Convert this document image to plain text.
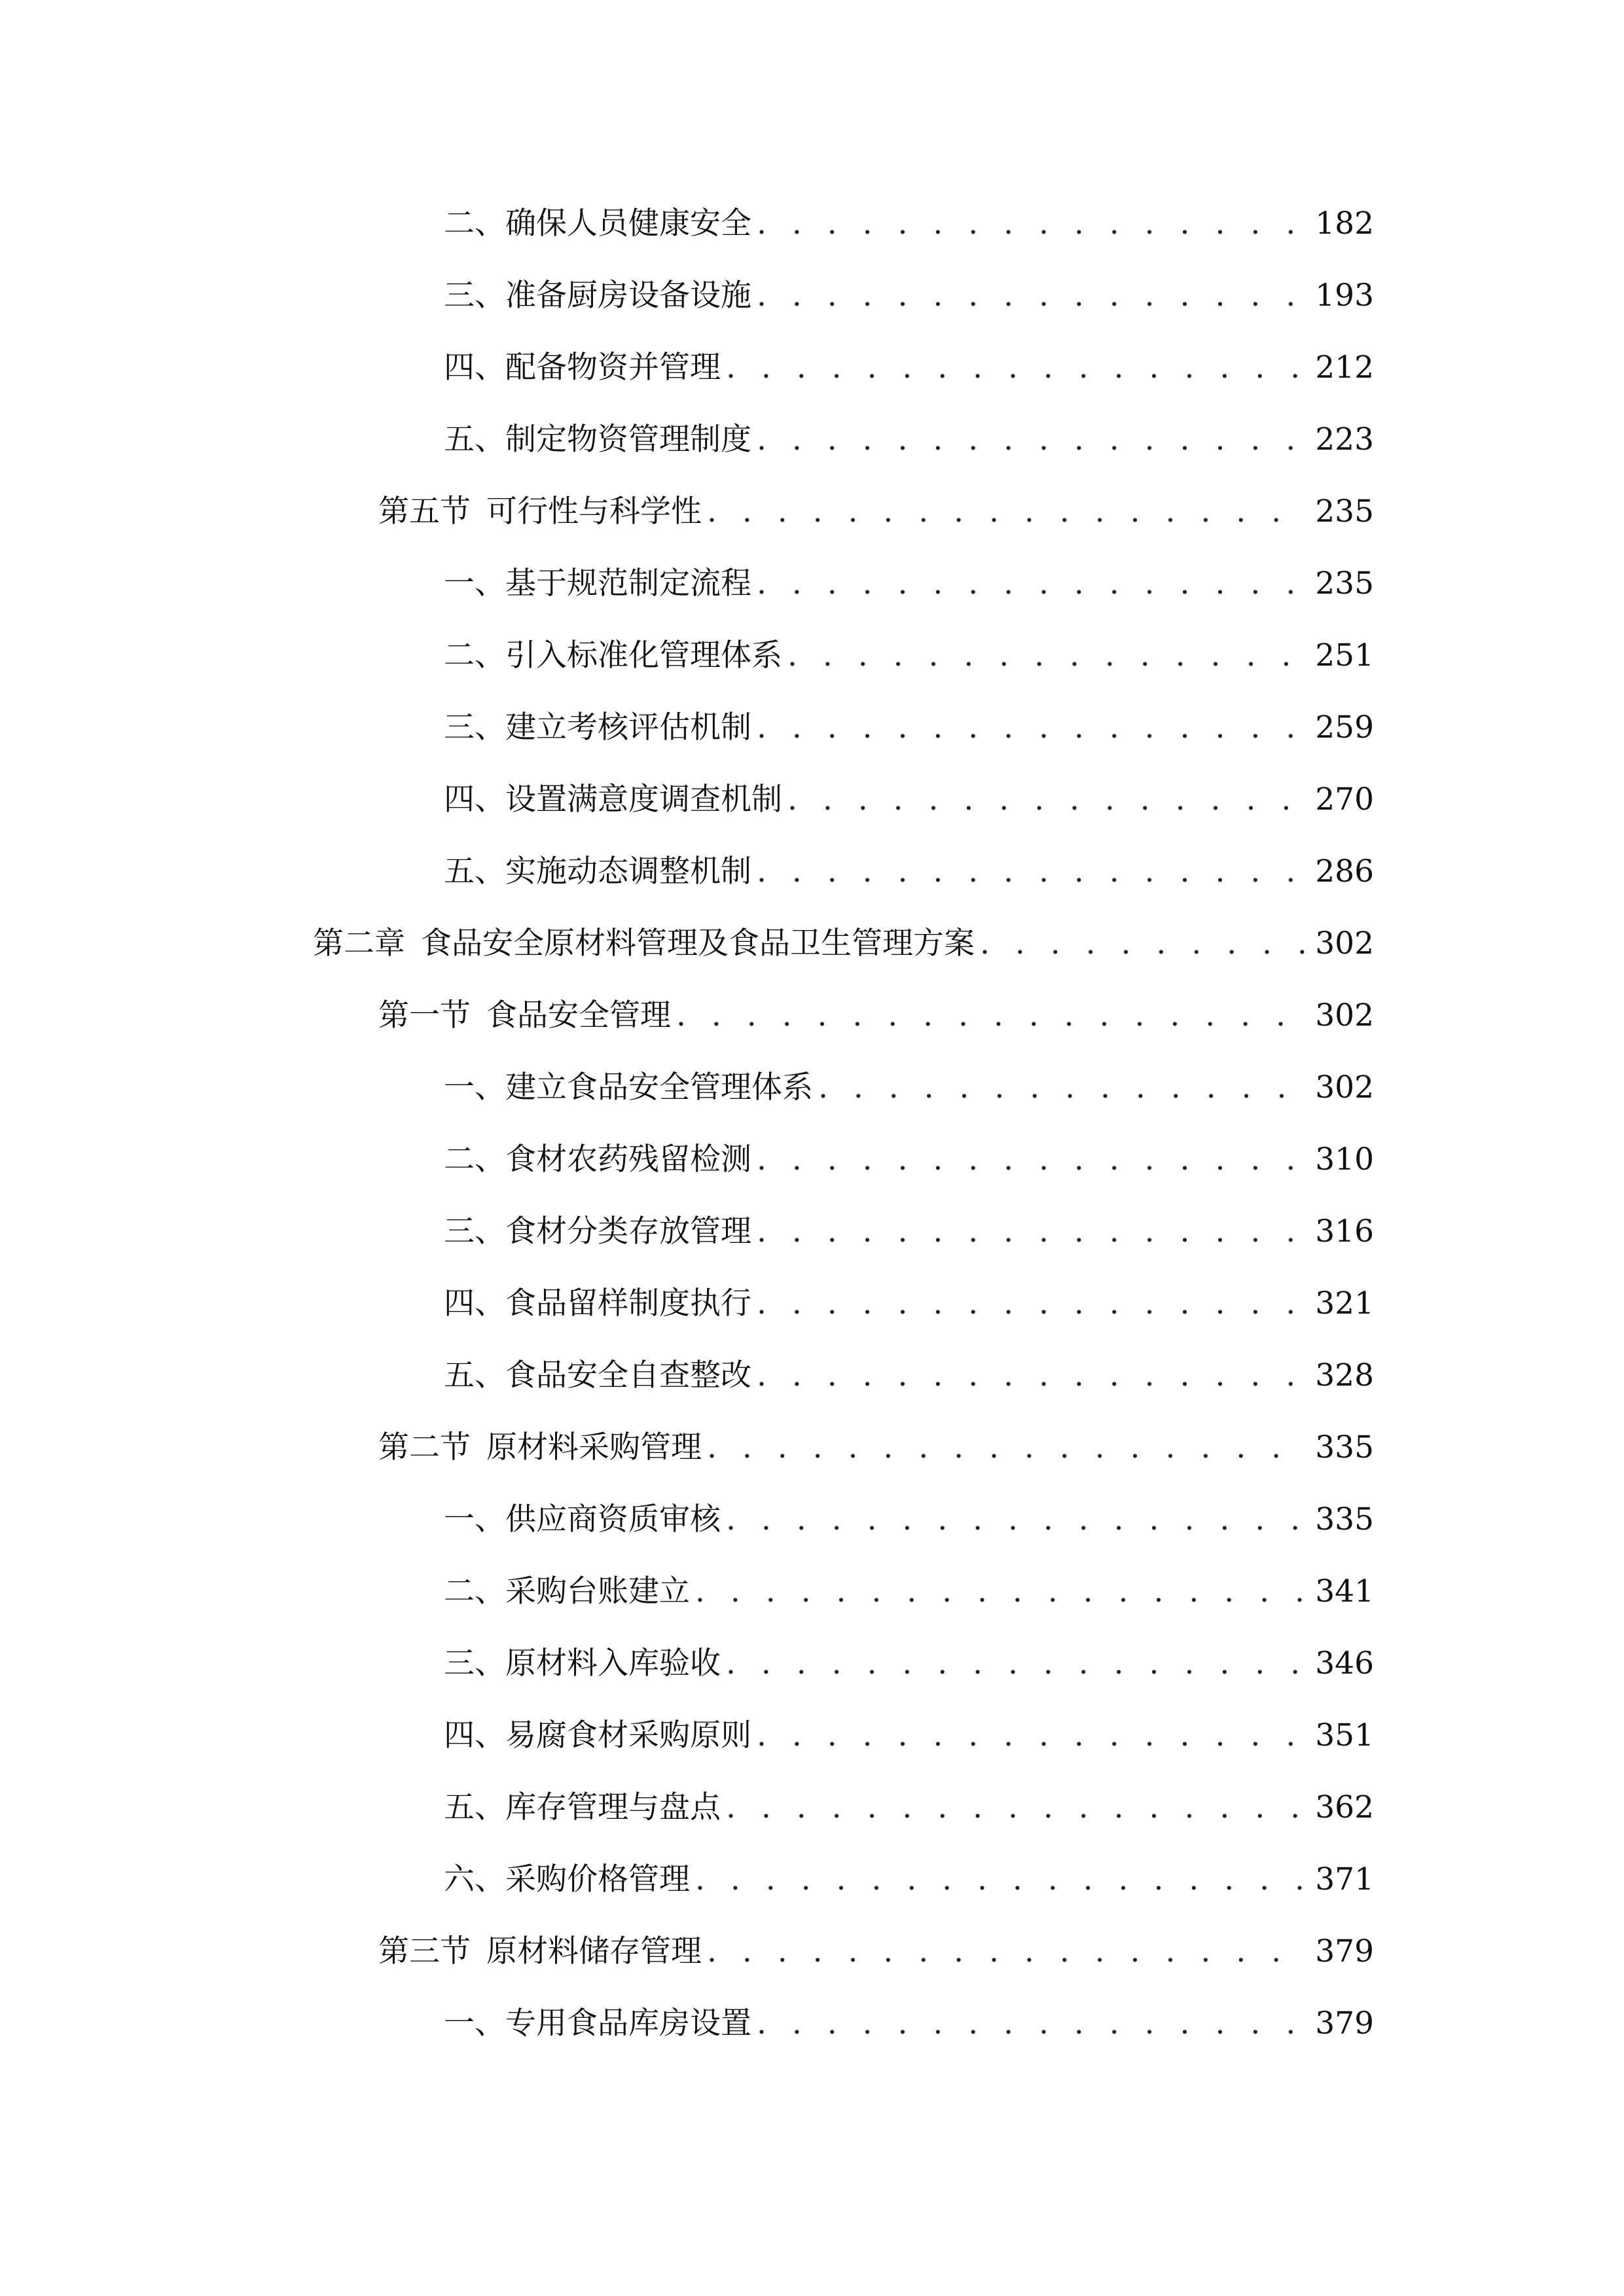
二、 确保人员健康安全 . . .	182
三、 准备厨房设备设施 . . .	193
四、 配备物资并管理 . . .	212
五、 制定物资管理制度 . . .	223
第五节 可行性与科学性 . . .	235
一、 基于规范制定流程 . . .	235
二、 引入标准化管理体系 . . .	251
三、 建立考核评估机制 . . .	259
四、 设置满意度调查机制 . . .	270
五、 实施动态调整机制 . . .	286
第二章 食品安全原材料管理及食品卫生管理方案 . . .	302
第一节 食品安全管理 . . .	302
一、 建立食品安全管理体系 . . .	302
二、 食材农药残留检测 . . .	310
三、 食材分类存放管理 . . .	316
四、 食品留样制度执行 . . .	321
五、 食品安全自查整改 . . .	328
第二节 原材料采购管理 . . .	335
一、 供应商资质审核 . . .	335
二、 采购台账建立 . . .	341
三、 原材料入库验收 . . .	346
四、 易腐食材采购原则 . . .	351
五、 库存管理与盘点 . . .	362
六、 采购价格管理 . . .	371
第三节 原材料储存管理 . . .	379
一、 专用食品库房设置 . . .	379
